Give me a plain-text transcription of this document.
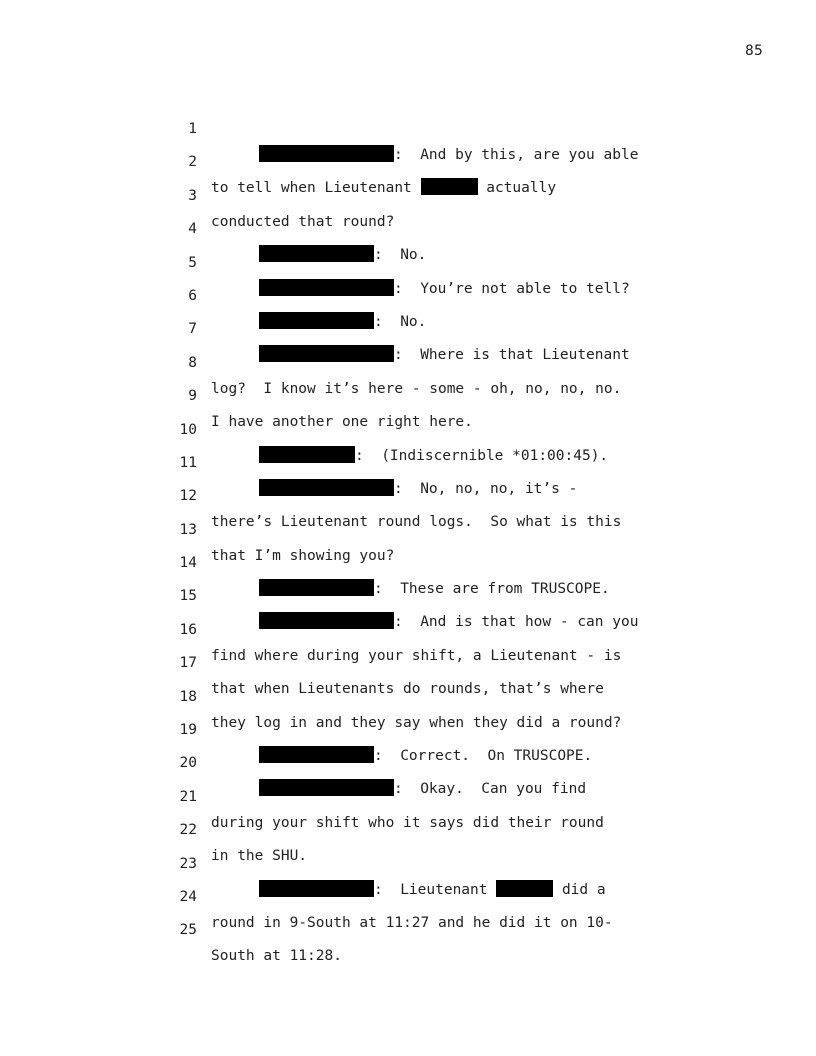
85

1

:  And by this, are you able

2

to tell when Lieutenant	actually

3

conducted that round?

4

:  No.

5

:  You’re not able to tell?

6

:  No.

7

:  Where is that Lieutenant

8

log?  I know it’s here - some - oh, no, no, no.

9

I have another one right here.

10

:  (Indiscernible *01:00:45).

11

:  No, no, no, it’s -

12

there’s Lieutenant round logs.  So what is this

13

that I’m showing you?

14

:  These are from TRUSCOPE.

15

:  And is that how - can you

16

find where during your shift, a Lieutenant - is

17

that when Lieutenants do rounds, that’s where

18

they log in and they say when they did a round?

19

:  Correct.  On TRUSCOPE.

20

:  Okay.  Can you find

21

during your shift who it says did their round

22

in the SHU.

23

:  Lieutenant	did a

24

round in 9-South at 11:27 and he did it on 10-

25

South at 11:28.
